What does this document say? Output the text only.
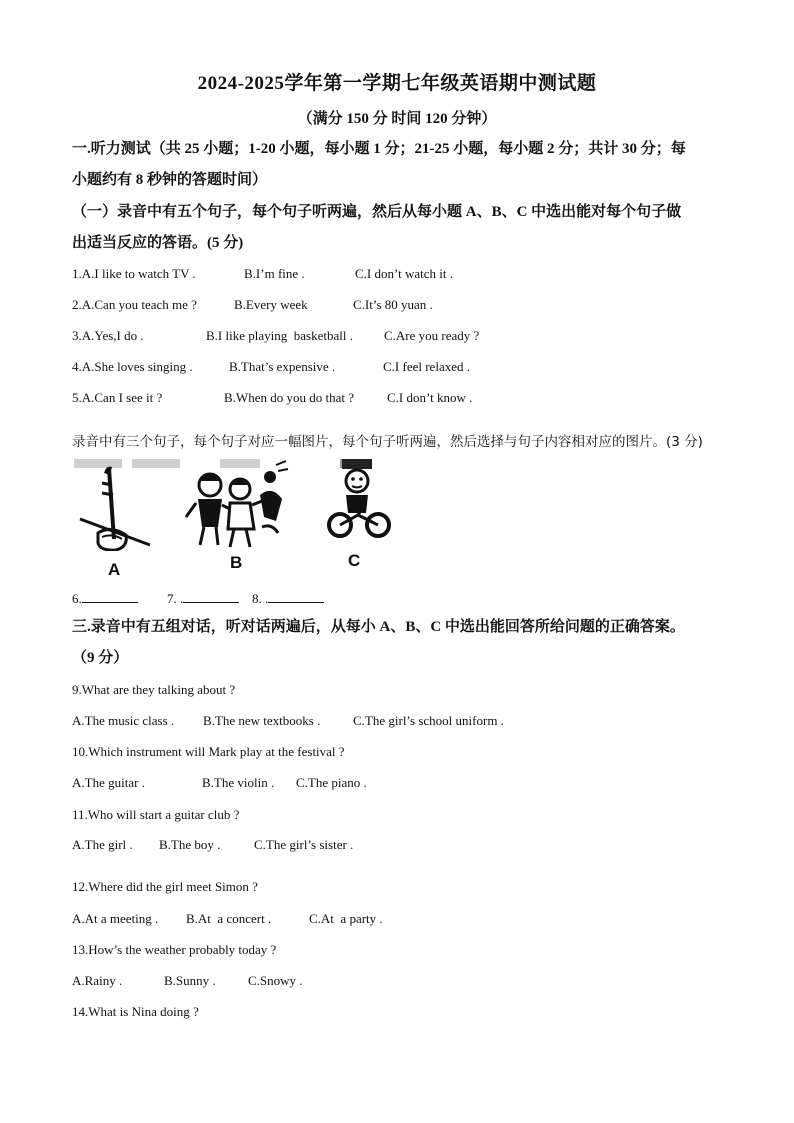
2024-2025学年第一学期七年级英语期中测试题
（满分 150 分 时间 120 分钟）
一.听力测试（共 25 小题；1-20 小题，每小题 1 分；21-25 小题，每小题 2 分；共计 30 分；每
小题约有 8 秒钟的答题时间）
（一）录音中有五个句子，每个句子听两遍，然后从每小题 A、B、C 中选出能对每个句子做
出适当反应的答语。(5 分)

1.A.I like to watch TV .

	B.I’m fine .

	C.I don’t watch it .

2.A.Can you teach me ?

	B.Every week

	C.It’s 80 yuan .

3.A.Yes,I do .

	B.I like playing  basketball .

C.Are you ready ?

4.A.She loves singing .

	B.That’s expensive .

	C.I feel relaxed .

5.A.Can I see it ?

	B.When do you do that ?

	C.I don’t know .

录音中有三个句子，每个句子对应一幅图片，每个句子听两遍，然后选择与句子内容相对应的图片。(3 分)
A	B	C

6.

	7. .

	8. .

三.录音中有五组对话，听对话两遍后，从每小 A、B、C 中选出能回答所给问题的正确答案。
（9 分）
9.What are they talking about ?

A.The music class .

B.The new textbooks .

	C.The girl’s school uniform .

10.Which instrument will Mark play at the festival ?

A.The guitar .

	B.The violin .

C.The piano .

11.Who will start a guitar club ?

A.The girl .

B.The boy .

	C.The girl’s sister .

12.Where did the girl meet Simon ?

A.At a meeting .

B.At  a concert .

	C.At  a party .

13.How’s the weather probably today ?

A.Rainy .

	B.Sunny .

C.Snowy .

14.What is Nina doing ?
